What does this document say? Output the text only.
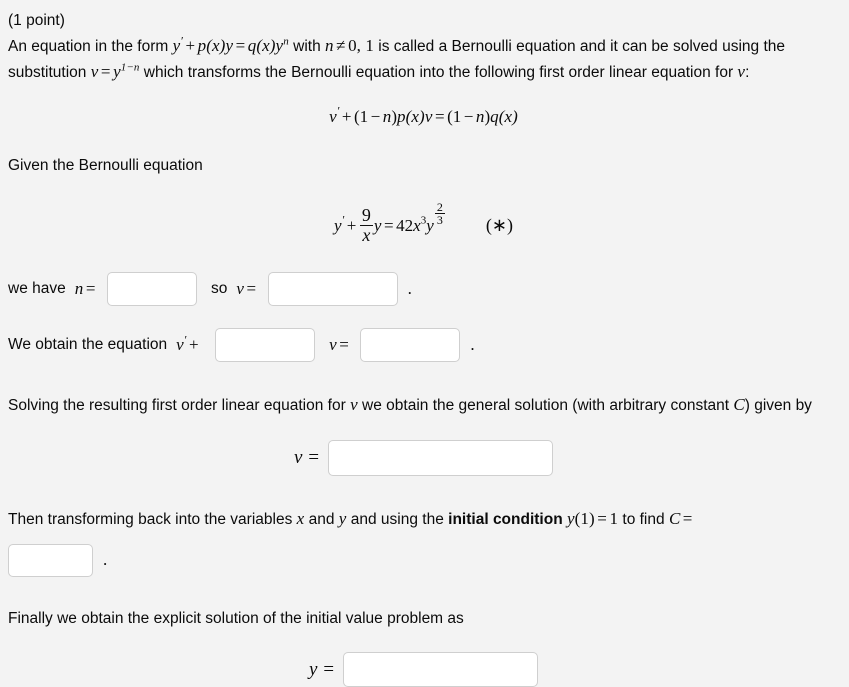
(1 point)

An equation in the form $y' + p(x)y = q(x)y^n$ with n ≠ 0, 1 is called a Bernoulli equation and it can be solved using the substitution $v = y^{1-n}$ which transforms the Bernoulli equation into the following first order linear equation for v:

v′ + (1 − n)p(x)v = (1 − n)q(x)
Given the Bernoulli equation
$y' + \frac{9}{x}$ $y = 42x^3y \frac{2}{3}$ (∗)
we have n =	so v =	.
We obtain the equation v′ +	v =	.

Solving the resulting first order linear equation for v we obtain the general solution (with arbitrary constant C) given by

v =

Then transforming back into the variables x and y and using the initial condition y(1) = 1 to find C =

.
Finally we obtain the explicit solution of the initial value problem as
y =
